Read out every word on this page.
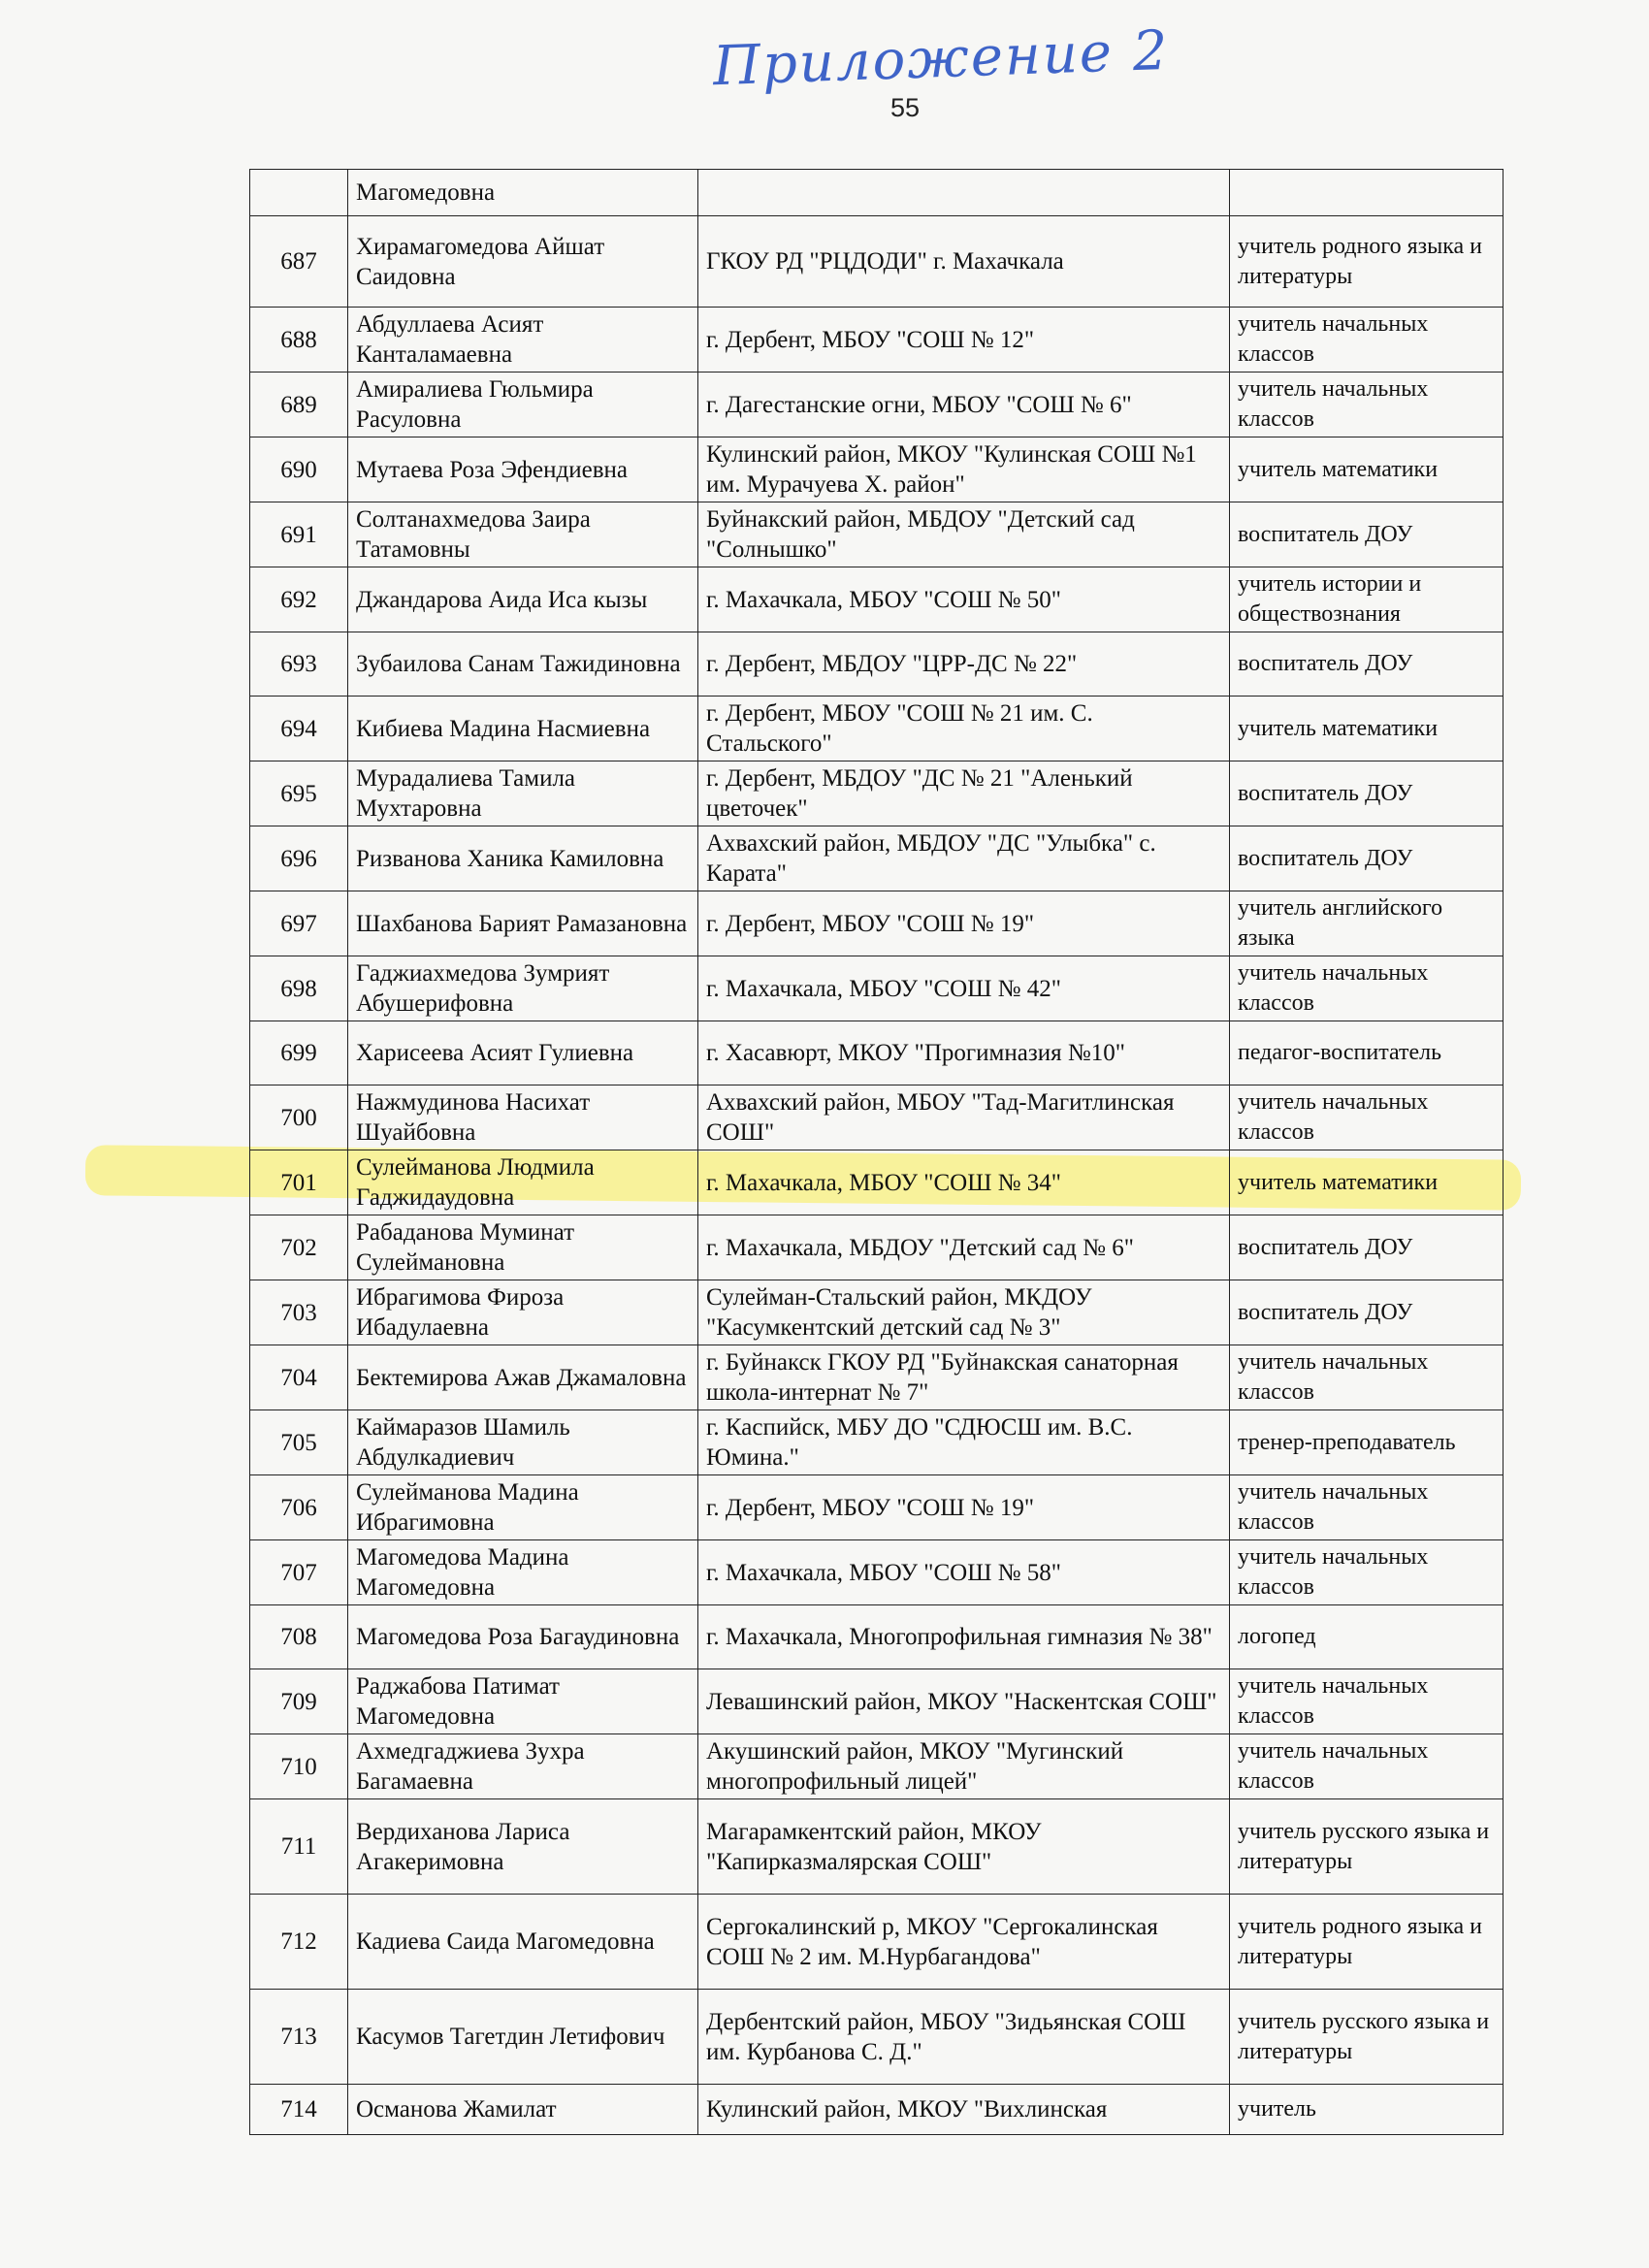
Приложение 2
55
	Магомедовна		
687	Хирамагомедова Айшат Саидовна	ГКОУ РД "РЦДОДИ" г. Махачкала	учитель родного языка и литературы
688	Абдуллаева Асият Канталамаевна	г. Дербент, МБОУ "СОШ № 12"	учитель начальных классов
689	Амиралиева Гюльмира Расуловна	г. Дагестанские огни, МБОУ "СОШ № 6"	учитель начальных классов
690	Мутаева Роза Эфендиевна	Кулинский район, МКОУ "Кулинская СОШ №1 им. Мурачуева Х. район"	учитель математики
691	Солтанахмедова Заира Татамовны	Буйнакский район, МБДОУ "Детский сад "Солнышко"	воспитатель ДОУ
692	Джандарова Аида Иса кызы	г. Махачкала, МБОУ "СОШ № 50"	учитель истории и обществознания
693	Зубаилова Санам Тажидиновна	г. Дербент, МБДОУ "ЦРР-ДС № 22"	воспитатель ДОУ
694	Кибиева Мадина Насмиевна	г. Дербент, МБОУ "СОШ № 21 им. С. Стальского"	учитель математики
695	Мурадалиева Тамила Мухтаровна	г. Дербент, МБДОУ "ДС № 21 "Аленький цветочек"	воспитатель ДОУ
696	Ризванова Ханика Камиловна	Ахвахский район, МБДОУ "ДС "Улыбка" с. Карата"	воспитатель ДОУ
697	Шахбанова Барият Рамазановна	г. Дербент, МБОУ "СОШ № 19"	учитель английского языка
698	Гаджиахмедова Зумрият Абушерифовна	г. Махачкала, МБОУ "СОШ № 42"	учитель начальных классов
699	Харисеева Асият Гулиевна	г. Хасавюрт, МКОУ "Прогимназия №10"	педагог-воспитатель
700	Нажмудинова Насихат Шуайбовна	Ахвахский район, МБОУ "Тад-Магитлинская СОШ"	учитель начальных классов
701	Сулейманова Людмила Гаджидаудовна	г. Махачкала, МБОУ "СОШ № 34"	учитель математики
702	Рабаданова Муминат Сулеймановна	г. Махачкала, МБДОУ "Детский сад № 6"	воспитатель ДОУ
703	Ибрагимова Фироза Ибадулаевна	Сулейман-Стальский район, МКДОУ "Касумкентский детский сад № 3"	воспитатель ДОУ
704	Бектемирова Ажав Джамаловна	г. Буйнакск ГКОУ РД "Буйнакская санаторная школа-интернат № 7"	учитель начальных классов
705	Каймаразов Шамиль Абдулкадиевич	г. Каспийск, МБУ ДО "СДЮСШ им. В.С. Юмина."	тренер-преподаватель
706	Сулейманова Мадина Ибрагимовна	г. Дербент, МБОУ "СОШ № 19"	учитель начальных классов
707	Магомедова Мадина Магомедовна	г. Махачкала, МБОУ "СОШ № 58"	учитель начальных классов
708	Магомедова Роза Багаудиновна	г. Махачкала, Многопрофильная гимназия № 38"	логопед
709	Раджабова Патимат Магомедовна	Левашинский район, МКОУ "Наскентская СОШ"	учитель начальных классов
710	Ахмедгаджиева Зухра Багамаевна	Акушинский район, МКОУ "Мугинский многопрофильный лицей"	учитель начальных классов
711	Вердиханова Лариса Агакеримовна	Магарамкентский район, МКОУ "Капирказмалярская СОШ"	учитель русского языка и литературы
712	Кадиева Саида Магомедовна	Сергокалинский р, МКОУ "Сергокалинская СОШ № 2 им. М.Нурбагандова"	учитель родного языка и литературы
713	Касумов Тагетдин Летифович	Дербентский район, МБОУ "Зидьянская СОШ им. Курбанова С. Д."	учитель русского языка и литературы
714	Османова Жамилат	Кулинский район, МКОУ "Вихлинская	учитель
